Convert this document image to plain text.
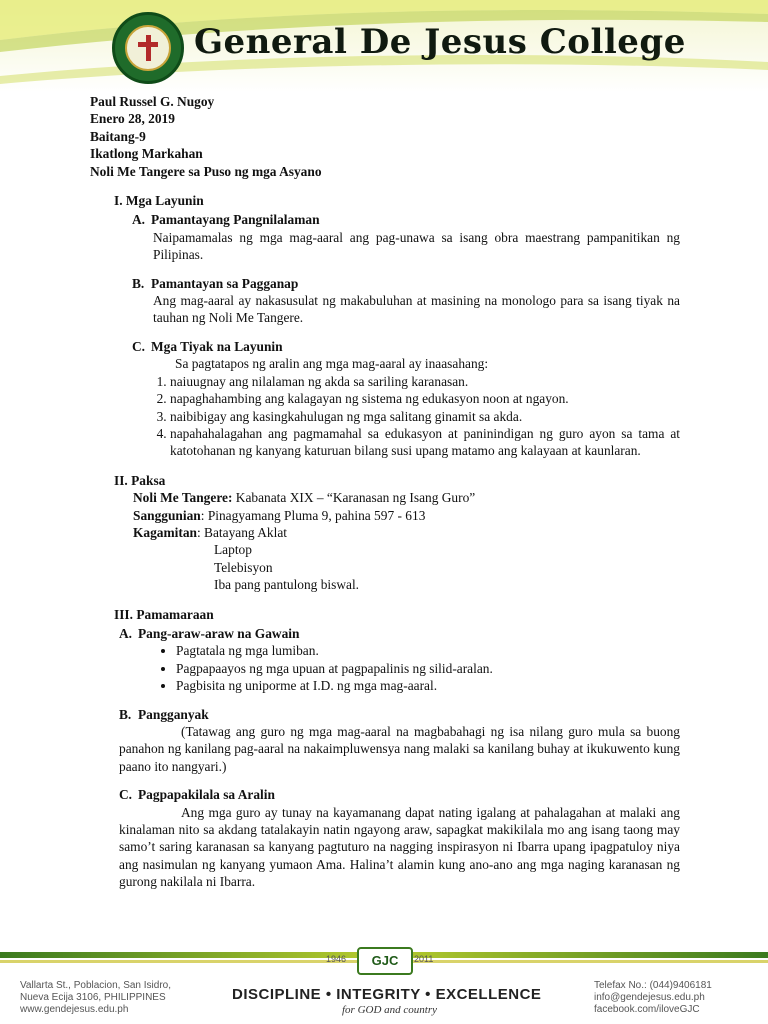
General De Jesus College
Paul Russel G. Nugoy
Enero 28, 2019
Baitang-9
Ikatlong Markahan
Noli Me Tangere sa Puso ng mga Asyano
I. Mga Layunin
A. Pamantayang Pangnilalaman
Naipamamalas ng mga mag-aaral ang pag-unawa sa isang obra maestrang pampanitikan ng Pilipinas.
B. Pamantayan sa Pagganap
Ang mag-aaral ay nakasusulat ng makabuluhan at masining na monologo para sa isang tiyak na tauhan ng Noli Me Tangere.
C. Mga Tiyak na Layunin
Sa pagtatapos ng aralin ang mga mag-aaral ay inaasahang:
1. naiuugnay ang nilalaman ng akda sa sariling karanasan.
2. napaghahambing ang kalagayan ng sistema ng edukasyon noon at ngayon.
3. naibibigay ang kasingkahulugan ng mga salitang ginamit sa akda.
4. napahahalagahan ang pagmamahal sa edukasyon at paninindigan ng guro ayon sa tama at katotohanan ng kanyang katuruan bilang susi upang matamo ang kalayaan at kaunlaran.
II. Paksa
Noli Me Tangere: Kabanata XIX – “Karanasan ng Isang Guro”
Sanggunian: Pinagyamang Pluma 9, pahina 597 - 613
Kagamitan: Batayang Aklat
Laptop
Telebisyon
Iba pang pantulong biswal.
III. Pamamaraan
A. Pang-araw-araw na Gawain
• Pagtatala ng mga lumiban.
• Pagpapaayos ng mga upuan at pagpapalinis ng silid-aralan.
• Pagbisita ng uniporme at I.D. ng mga mag-aaral.
B. Pangganyak
(Tatawag ang guro ng mga mag-aaral na magbabahagi ng isa nilang guro mula sa buong panahon ng kanilang pag-aaral na nakaimpluwensya nang malaki sa kanilang buhay at ikukuwento kung paano ito nangyari.)
C. Pagpapakilala sa Aralin
Ang mga guro ay tunay na kayamanang dapat nating igalang at pahalagahan at malaki ang kinalaman nito sa akdang tatalakayin natin ngayong araw, sapagkat makikilala mo ang isang taong may samo’t saring karanasan sa kanyang pagtuturo na nagging inspirasyon ni Ibarra upang ipagpatuloy niya ang nasimulan ng kanyang yumaon Ama. Halina’t alamin kung ano-ano ang mga naging karanasan ng gurong nakilala ni Ibarra.
1946	GJC	2011
Vallarta St., Poblacion, San Isidro,
Nueva Ecija 3106, PHILIPPINES
www.gendejesus.edu.ph
DISCIPLINE • INTEGRITY • EXCELLENCE
for GOD and country
Telefax No.: (044)9406181
info@gendejesus.edu.ph
facebook.com/iloveGJC
